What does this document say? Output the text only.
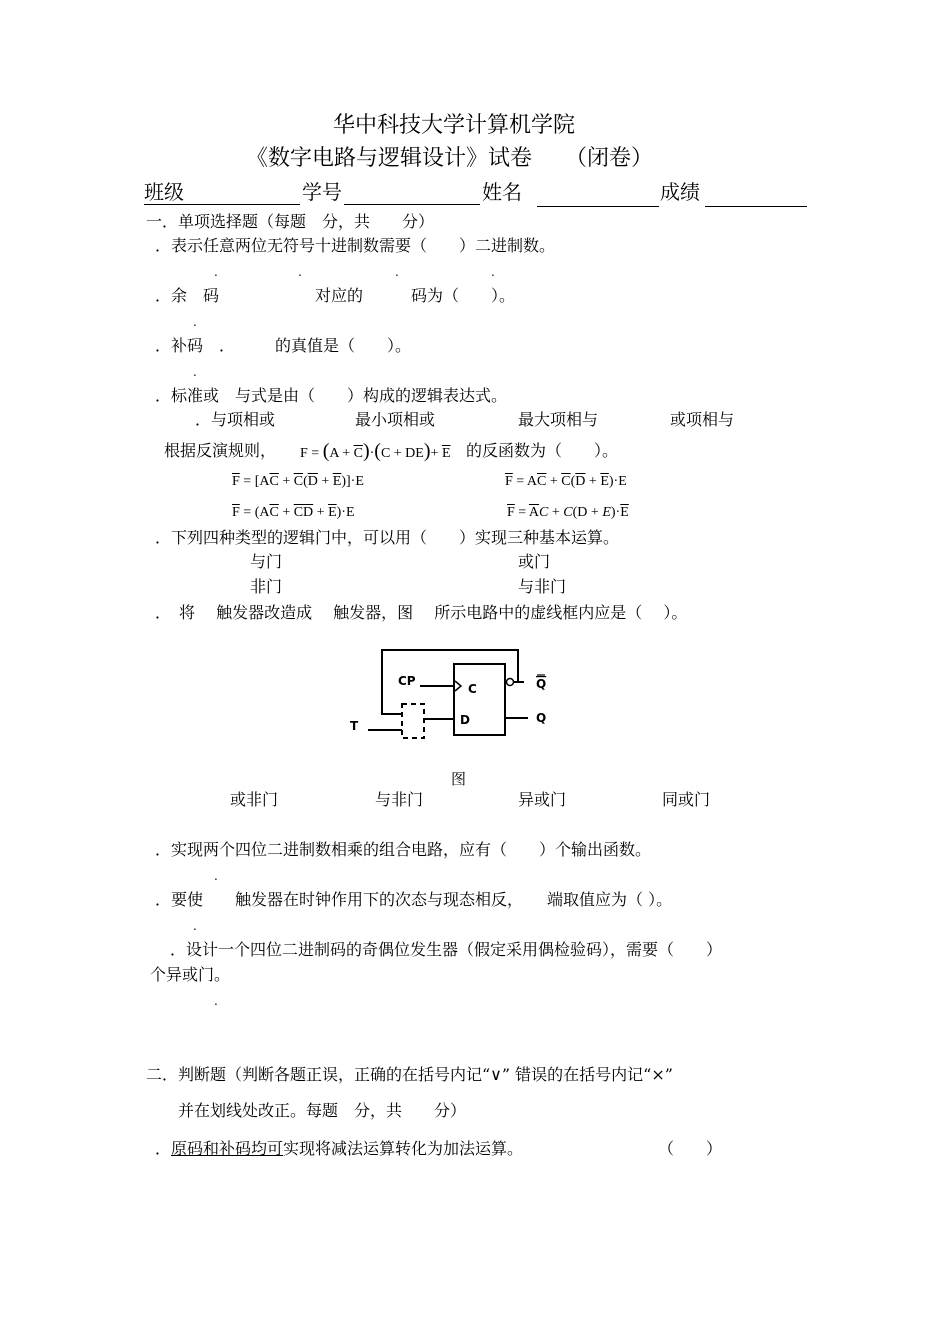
华中科技大学计算机学院
《数字电路与逻辑设计》试卷　　（闭卷）
班级	学号	姓名	成绩
一．单项选择题（每题　分，共　　分）
．表示任意两位无符号十进制数需要（　　）二进制数。
.	.	.	.
．余　码　　　　　　对应的　　　码为（　　）。
.
．补码　．　　　的真值是（　　）。
.
．标准或　与式是由（　　）构成的逻辑表达式。
．与项相或	最小项相或	最大项相与	或项相与
根据反演规则， $F = (A + \overline{C})\cdot(C + DE)+ \overline{E}$ 的反函数为（　　）。
$\overline{F} = [A\overline{C} + \overline{C}(\overline{D} + \overline{E})]\cdot E$	$\overline{F} = A\overline{C} + \overline{C}(\overline{D} + \overline{E})\cdot E$
$\overline{F} = (A\overline{C} + \overline{CD} + \overline{E})\cdot E$	$\overline{F} = \overline{A}C + C(D + E)\cdot\overline{E}$
．下列四种类型的逻辑门中，可以用（　　）实现三种基本运算。
与门	或门
非门	与非门
．　将　 触发器改造成　 触发器，图　 所示电路中的虚线框内应是（　 ）。
CP
T
C
D
Q
Q
图
或非门	与非门	异或门	同或门
．实现两个四位二进制数相乘的组合电路，应有（　　）个输出函数。
.
．要使　　触发器在时钟作用下的次态与现态相反，　　端取值应为（ ）。
.
．设计一个四位二进制码的奇偶位发生器（假定采用偶检验码），需要（　　）
个异或门。
.
二．判断题（判断各题正误，正确的在括号内记“∨” 错误的在括号内记“×”
并在划线处改正。每题　分，共　　分）
．原码和补码均可实现将减法运算转化为加法运算。	（　　）
